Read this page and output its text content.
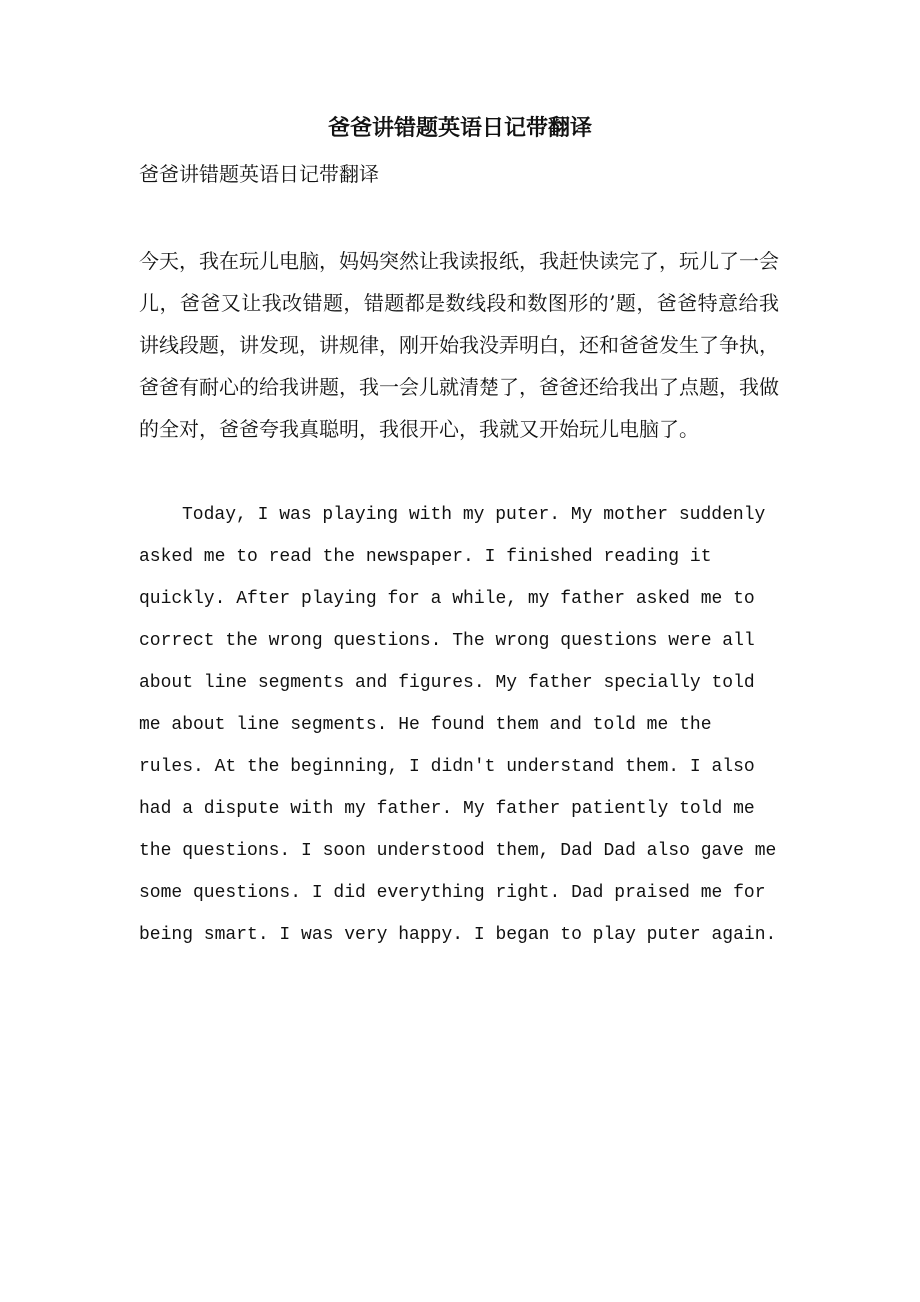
爸爸讲错题英语日记带翻译

爸爸讲错题英语日记带翻译

今天，我在玩儿电脑，妈妈突然让我读报纸，我赶快读完了，玩儿了一会儿，爸爸又让我改错题，错题都是数线段和数图形的’题，爸爸特意给我讲线段题，讲发现，讲规律，刚开始我没弄明白，还和爸爸发生了争执，爸爸有耐心的给我讲题，我一会儿就清楚了，爸爸还给我出了点题，我做的全对，爸爸夸我真聪明，我很开心，我就又开始玩儿电脑了。

Today, I was playing with my puter. My mother suddenly asked me to read the newspaper. I finished reading it quickly. After playing for a while, my father asked me to correct the wrong questions. The wrong questions were all about line segments and figures. My father specially told me about line segments. He found them and told me the rules. At the beginning, I didn't understand them. I also had a dispute with my father. My father patiently told me the questions. I soon understood them, Dad Dad also gave me some questions. I did everything right. Dad praised me for being smart. I was very happy. I began to play puter again.
